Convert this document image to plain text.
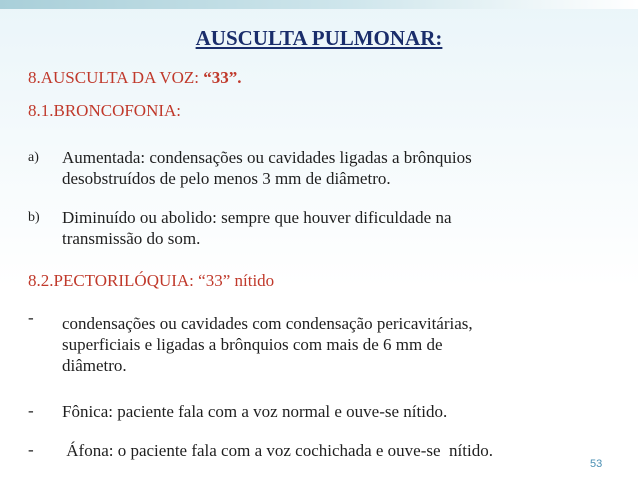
AUSCULTA PULMONAR:
8.AUSCULTA DA VOZ: “33”.
8.1.BRONCOFONIA:
a) Aumentada: condensações ou cavidades ligadas a brônquios
desobstruídos de pelo menos 3 mm de diâmetro.
b) Diminuído ou abolido: sempre que houver dificuldade na
transmissão do som.
8.2.PECTORILÓQUIA: “33” nítido
- condensações ou cavidades com condensação pericavitárias,
superficiais e ligadas a brônquios com mais de 6 mm de
diâmetro.
- Fônica: paciente fala com a voz normal e ouve-se nítido.
- Áfona: o paciente fala com a voz cochichada e ouve-se  nítido.
53
